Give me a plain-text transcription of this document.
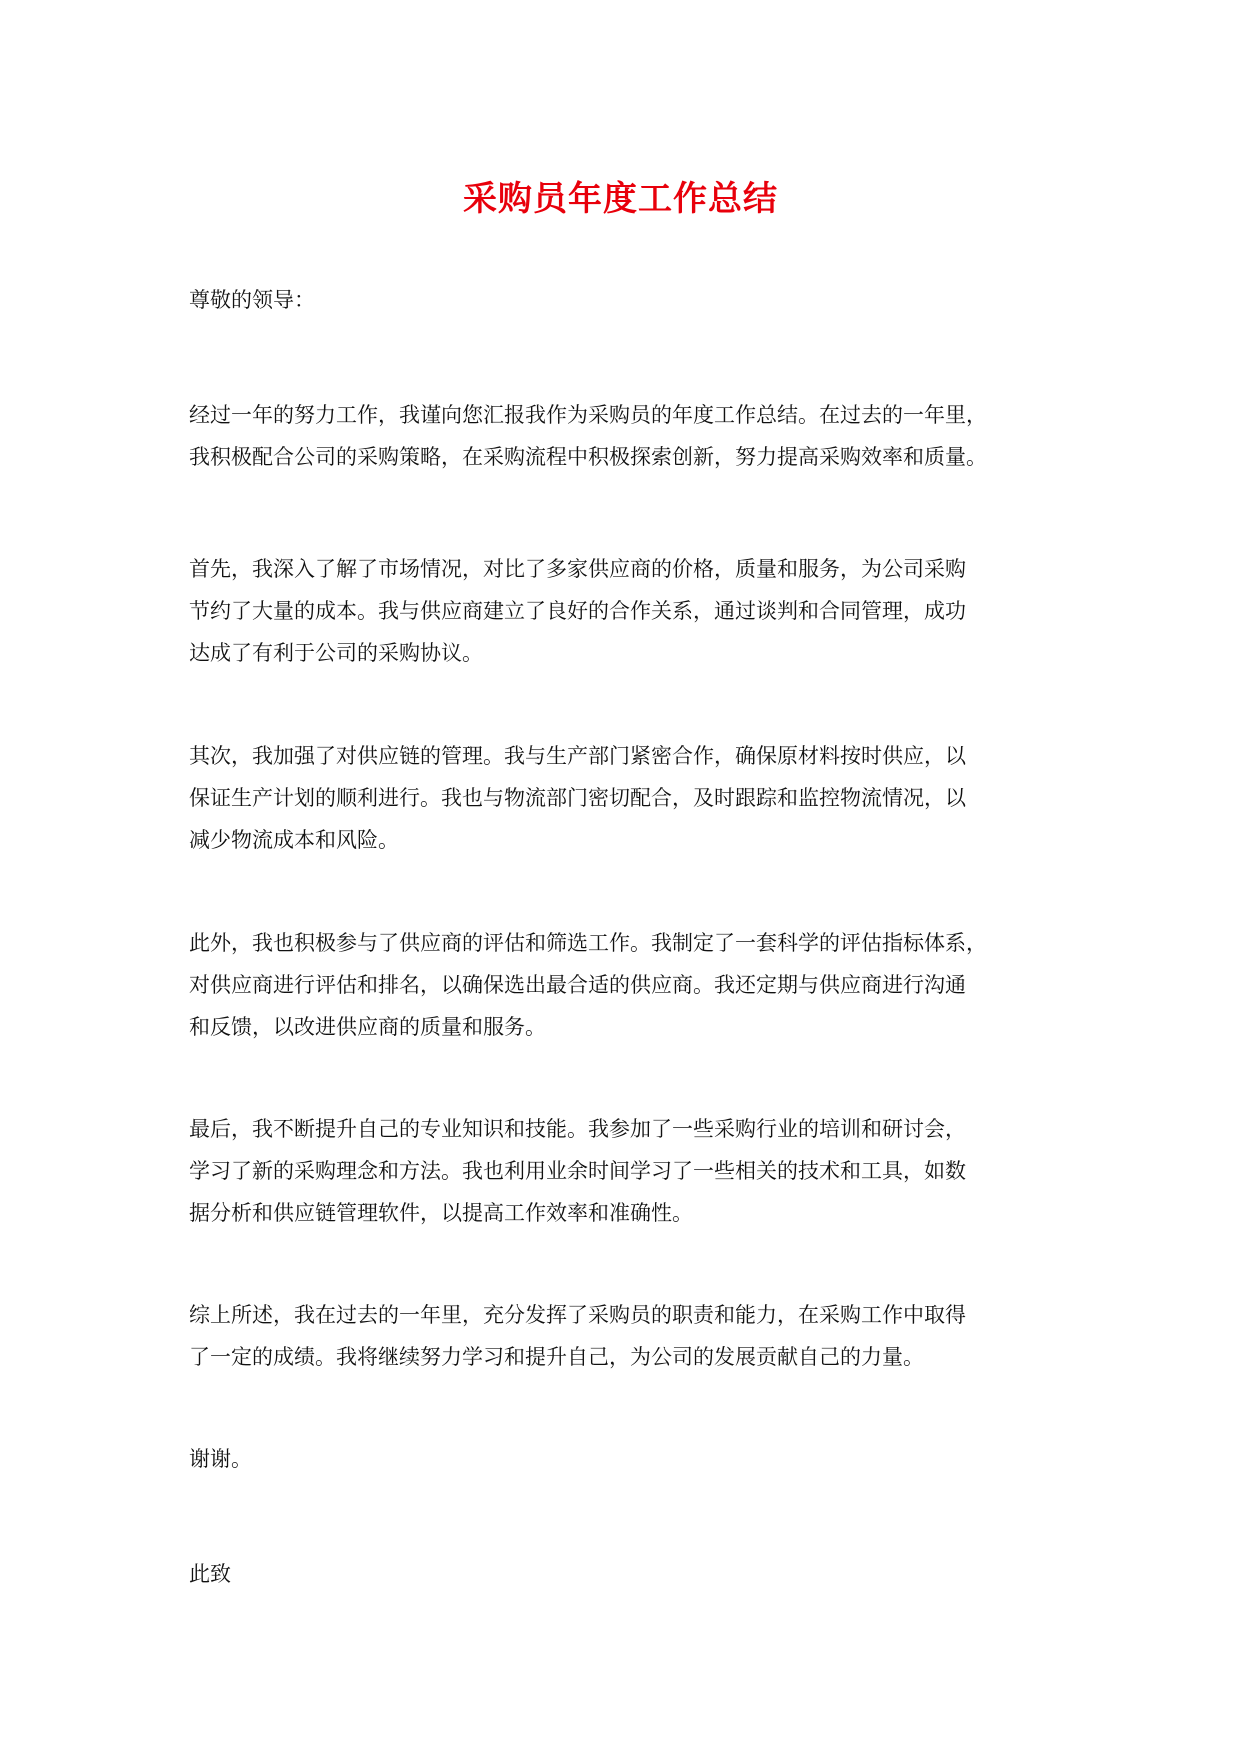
采购员年度工作总结

尊敬的领导：

经过一年的努力工作，我谨向您汇报我作为采购员的年度工作总结。在过去的一年里，
我积极配合公司的采购策略，在采购流程中积极探索创新，努力提高采购效率和质量。

首先，我深入了解了市场情况，对比了多家供应商的价格，质量和服务，为公司采购
节约了大量的成本。我与供应商建立了良好的合作关系，通过谈判和合同管理，成功
达成了有利于公司的采购协议。

其次，我加强了对供应链的管理。我与生产部门紧密合作，确保原材料按时供应，以
保证生产计划的顺利进行。我也与物流部门密切配合，及时跟踪和监控物流情况，以
减少物流成本和风险。

此外，我也积极参与了供应商的评估和筛选工作。我制定了一套科学的评估指标体系，
对供应商进行评估和排名，以确保选出最合适的供应商。我还定期与供应商进行沟通
和反馈，以改进供应商的质量和服务。

最后，我不断提升自己的专业知识和技能。我参加了一些采购行业的培训和研讨会，
学习了新的采购理念和方法。我也利用业余时间学习了一些相关的技术和工具，如数
据分析和供应链管理软件，以提高工作效率和准确性。

综上所述，我在过去的一年里，充分发挥了采购员的职责和能力，在采购工作中取得
了一定的成绩。我将继续努力学习和提升自己，为公司的发展贡献自己的力量。

谢谢。

此致
